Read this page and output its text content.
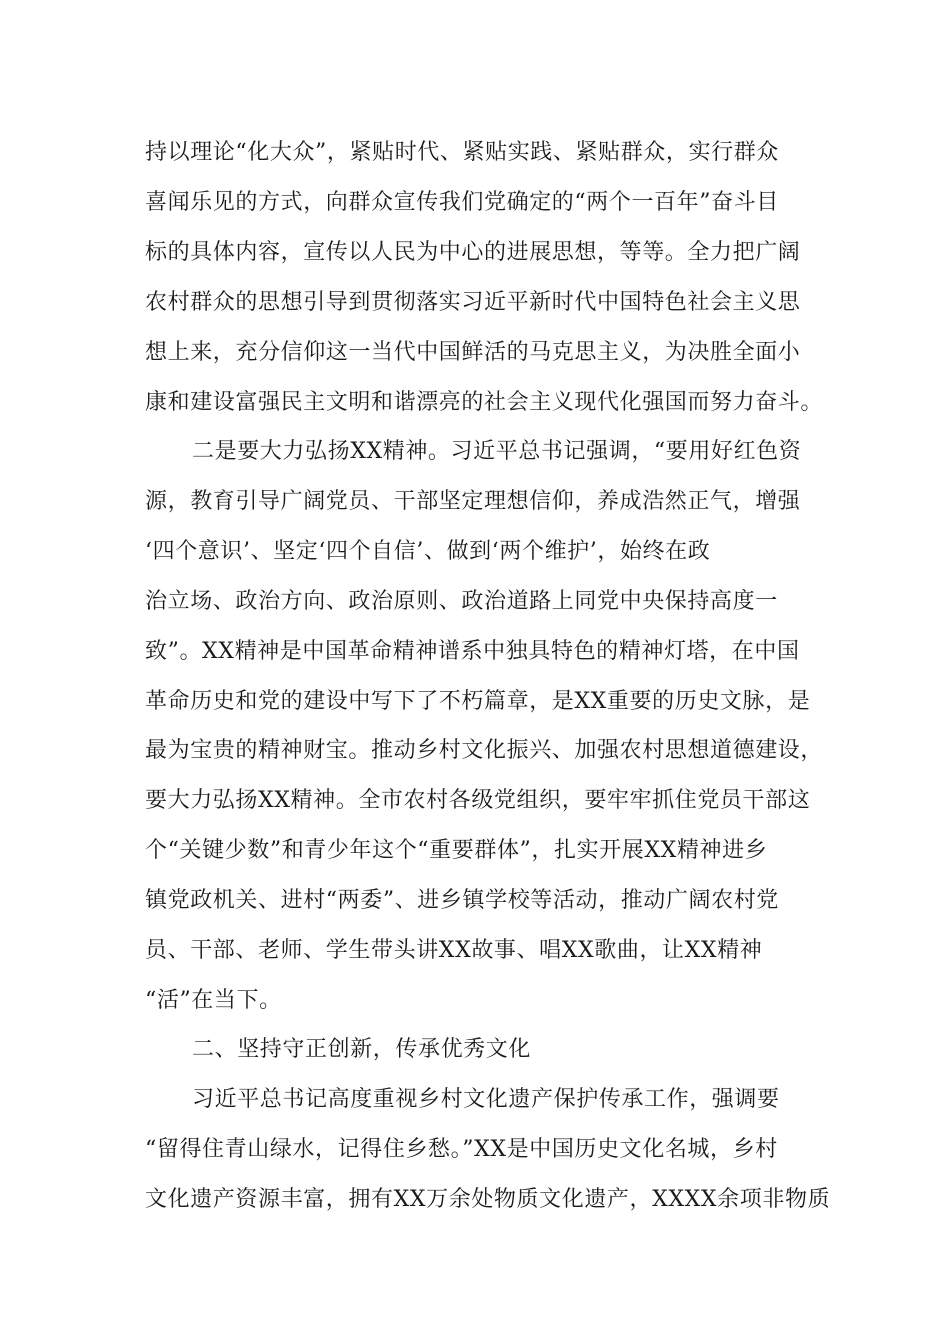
持以理论“化大众”，紧贴时代、紧贴实践、紧贴群众，实行群众
喜闻乐见的方式，向群众宣传我们党确定的“两个一百年”奋斗目
标的具体内容，宣传以人民为中心的进展思想，等等。全力把广阔
农村群众的思想引导到贯彻落实习近平新时代中国特色社会主义思
想上来，充分信仰这一当代中国鲜活的马克思主义，为决胜全面小
康和建设富强民主文明和谐漂亮的社会主义现代化强国而努力奋斗。
二是要大力弘扬XX精神。习近平总书记强调，“要用好红色资
源，教育引导广阔党员、干部坚定理想信仰，养成浩然正气，增强
‘四个意识’、坚定‘四个自信’、做到‘两个维护’，始终在政
治立场、政治方向、政治原则、政治道路上同党中央保持高度一
致”。XX精神是中国革命精神谱系中独具特色的精神灯塔，在中国
革命历史和党的建设中写下了不朽篇章，是XX重要的历史文脉，是
最为宝贵的精神财宝。推动乡村文化振兴、加强农村思想道德建设，
要大力弘扬XX精神。全市农村各级党组织，要牢牢抓住党员干部这
个“关键少数”和青少年这个“重要群体”，扎实开展XX精神进乡
镇党政机关、进村“两委”、进乡镇学校等活动，推动广阔农村党
员、干部、老师、学生带头讲XX故事、唱XX歌曲，让XX精神
“活”在当下。
二、坚持守正创新，传承优秀文化
习近平总书记高度重视乡村文化遗产保护传承工作，强调要
“留得住青山绿水，记得住乡愁。”XX是中国历史文化名城，乡村
文化遗产资源丰富，拥有XX万余处物质文化遗产，XXXX余项非物质
